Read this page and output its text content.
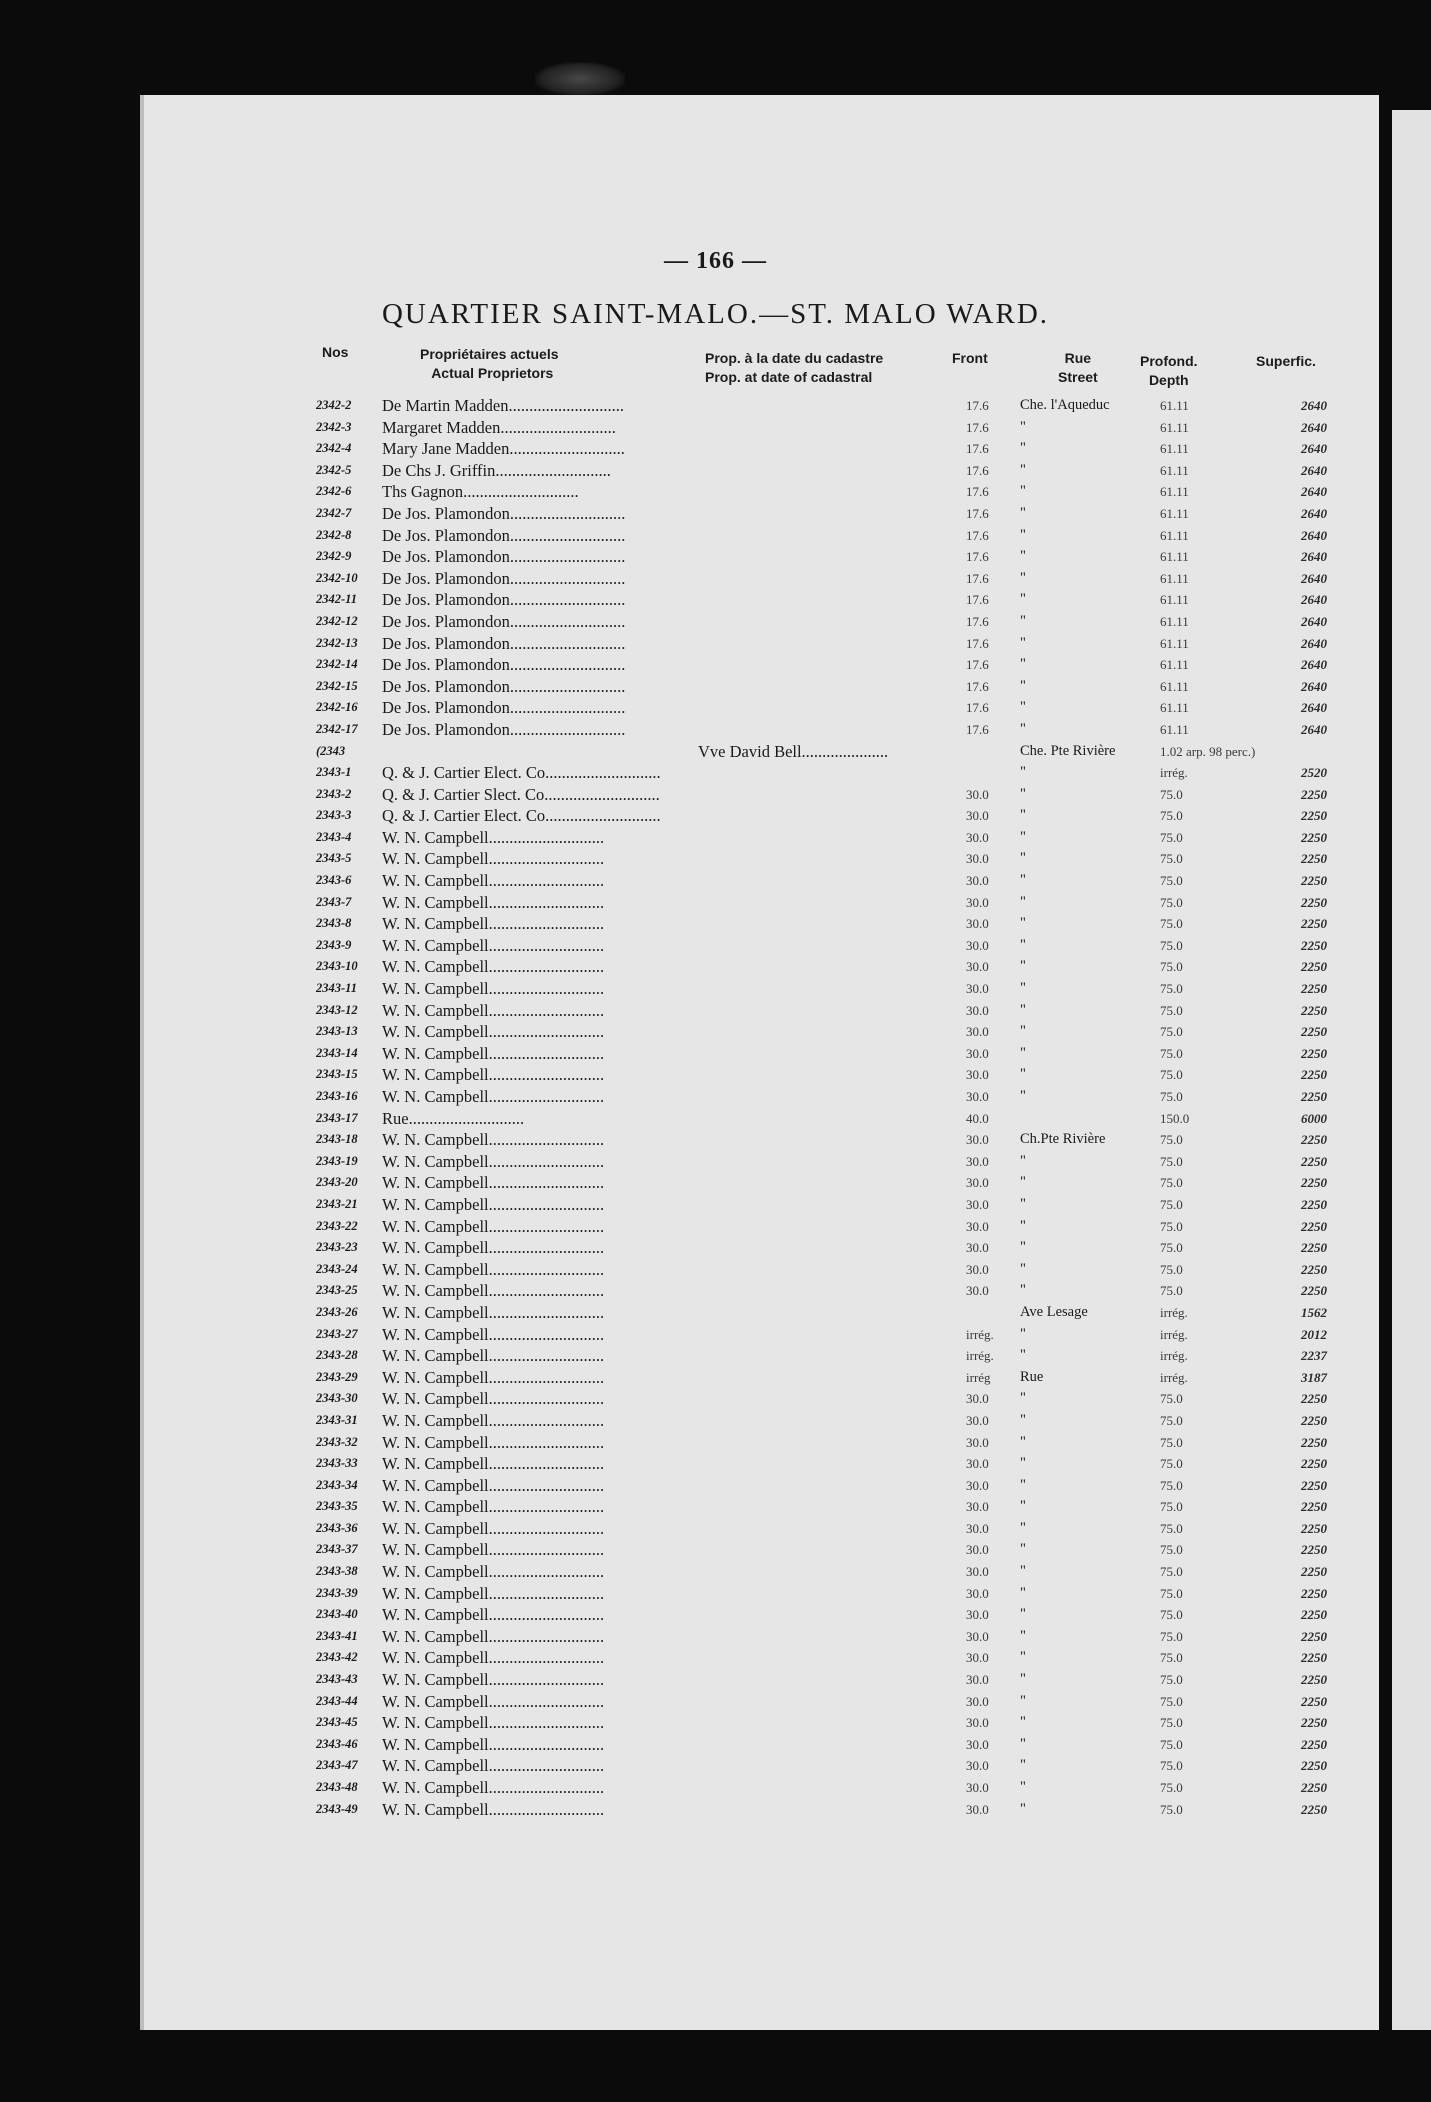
— 166 —
QUARTIER SAINT-MALO.—ST. MALO WARD.
Nos	Propriétaires actuels
Actual Proprietors
Prop. à la date du cadastre
Prop. at date of cadastral
Front	Rue
Street
Profond.
Depth
Superfic.
2342-2 De Martin Madden............................	17.6 Che. l'Aqueduc	61.11	2640
2342-3 Margaret Madden............................	17.6 "	61.11	2640
2342-4 Mary Jane Madden............................	17.6 "	61.11	2640
2342-5 De Chs J. Griffin............................	17.6 "	61.11	2640
2342-6 Ths Gagnon............................	17.6 "	61.11	2640
2342-7 De Jos. Plamondon............................	17.6 "	61.11	2640
2342-8 De Jos. Plamondon............................	17.6 "	61.11	2640
2342-9 De Jos. Plamondon............................	17.6 "	61.11	2640
2342-10 De Jos. Plamondon............................	17.6 "	61.11	2640
2342-11 De Jos. Plamondon............................	17.6 "	61.11	2640
2342-12 De Jos. Plamondon............................	17.6 "	61.11	2640
2342-13 De Jos. Plamondon............................	17.6 "	61.11	2640
2342-14 De Jos. Plamondon............................	17.6 "	61.11	2640
2342-15 De Jos. Plamondon............................	17.6 "	61.11	2640
2342-16 De Jos. Plamondon............................	17.6 "	61.11	2640
2342-17 De Jos. Plamondon............................	17.6 "	61.11	2640
(2343	Vve David Bell.....................	Che. Pte Rivière	1.02 arp. 98 perc.)
2343-1 Q. & J. Cartier Elect. Co............................	"	irrég.	2520
2343-2 Q. & J. Cartier Slect. Co............................	30.0 "	75.0	2250
2343-3 Q. & J. Cartier Elect. Co............................	30.0 "	75.0	2250
2343-4 W. N. Campbell............................	30.0 "	75.0	2250
2343-5 W. N. Campbell............................	30.0 "	75.0	2250
2343-6 W. N. Campbell............................	30.0 "	75.0	2250
2343-7 W. N. Campbell............................	30.0 "	75.0	2250
2343-8 W. N. Campbell............................	30.0 "	75.0	2250
2343-9 W. N. Campbell............................	30.0 "	75.0	2250
2343-10 W. N. Campbell............................	30.0 "	75.0	2250
2343-11 W. N. Campbell............................	30.0 "	75.0	2250
2343-12 W. N. Campbell............................	30.0 "	75.0	2250
2343-13 W. N. Campbell............................	30.0 "	75.0	2250
2343-14 W. N. Campbell............................	30.0 "	75.0	2250
2343-15 W. N. Campbell............................	30.0 "	75.0	2250
2343-16 W. N. Campbell............................	30.0 "	75.0	2250
2343-17 Rue............................	40.0	150.0	6000
2343-18 W. N. Campbell............................	30.0 Ch.Pte Rivière	75.0	2250
2343-19 W. N. Campbell............................	30.0 "	75.0	2250
2343-20 W. N. Campbell............................	30.0 "	75.0	2250
2343-21 W. N. Campbell............................	30.0 "	75.0	2250
2343-22 W. N. Campbell............................	30.0 "	75.0	2250
2343-23 W. N. Campbell............................	30.0 "	75.0	2250
2343-24 W. N. Campbell............................	30.0 "	75.0	2250
2343-25 W. N. Campbell............................	30.0 "	75.0	2250
2343-26 W. N. Campbell............................	Ave Lesage	irrég.	1562
2343-27 W. N. Campbell............................	irrég. "	irrég.	2012
2343-28 W. N. Campbell............................	irrég. "	irrég.	2237
2343-29 W. N. Campbell............................	irrég Rue	irrég.	3187
2343-30 W. N. Campbell............................	30.0 "	75.0	2250
2343-31 W. N. Campbell............................	30.0 "	75.0	2250
2343-32 W. N. Campbell............................	30.0 "	75.0	2250
2343-33 W. N. Campbell............................	30.0 "	75.0	2250
2343-34 W. N. Campbell............................	30.0 "	75.0	2250
2343-35 W. N. Campbell............................	30.0 "	75.0	2250
2343-36 W. N. Campbell............................	30.0 "	75.0	2250
2343-37 W. N. Campbell............................	30.0 "	75.0	2250
2343-38 W. N. Campbell............................	30.0 "	75.0	2250
2343-39 W. N. Campbell............................	30.0 "	75.0	2250
2343-40 W. N. Campbell............................	30.0 "	75.0	2250
2343-41 W. N. Campbell............................	30.0 "	75.0	2250
2343-42 W. N. Campbell............................	30.0 "	75.0	2250
2343-43 W. N. Campbell............................	30.0 "	75.0	2250
2343-44 W. N. Campbell............................	30.0 "	75.0	2250
2343-45 W. N. Campbell............................	30.0 "	75.0	2250
2343-46 W. N. Campbell............................	30.0 "	75.0	2250
2343-47 W. N. Campbell............................	30.0 "	75.0	2250
2343-48 W. N. Campbell............................	30.0 "	75.0	2250
2343-49 W. N. Campbell............................	30.0 "	75.0	2250
